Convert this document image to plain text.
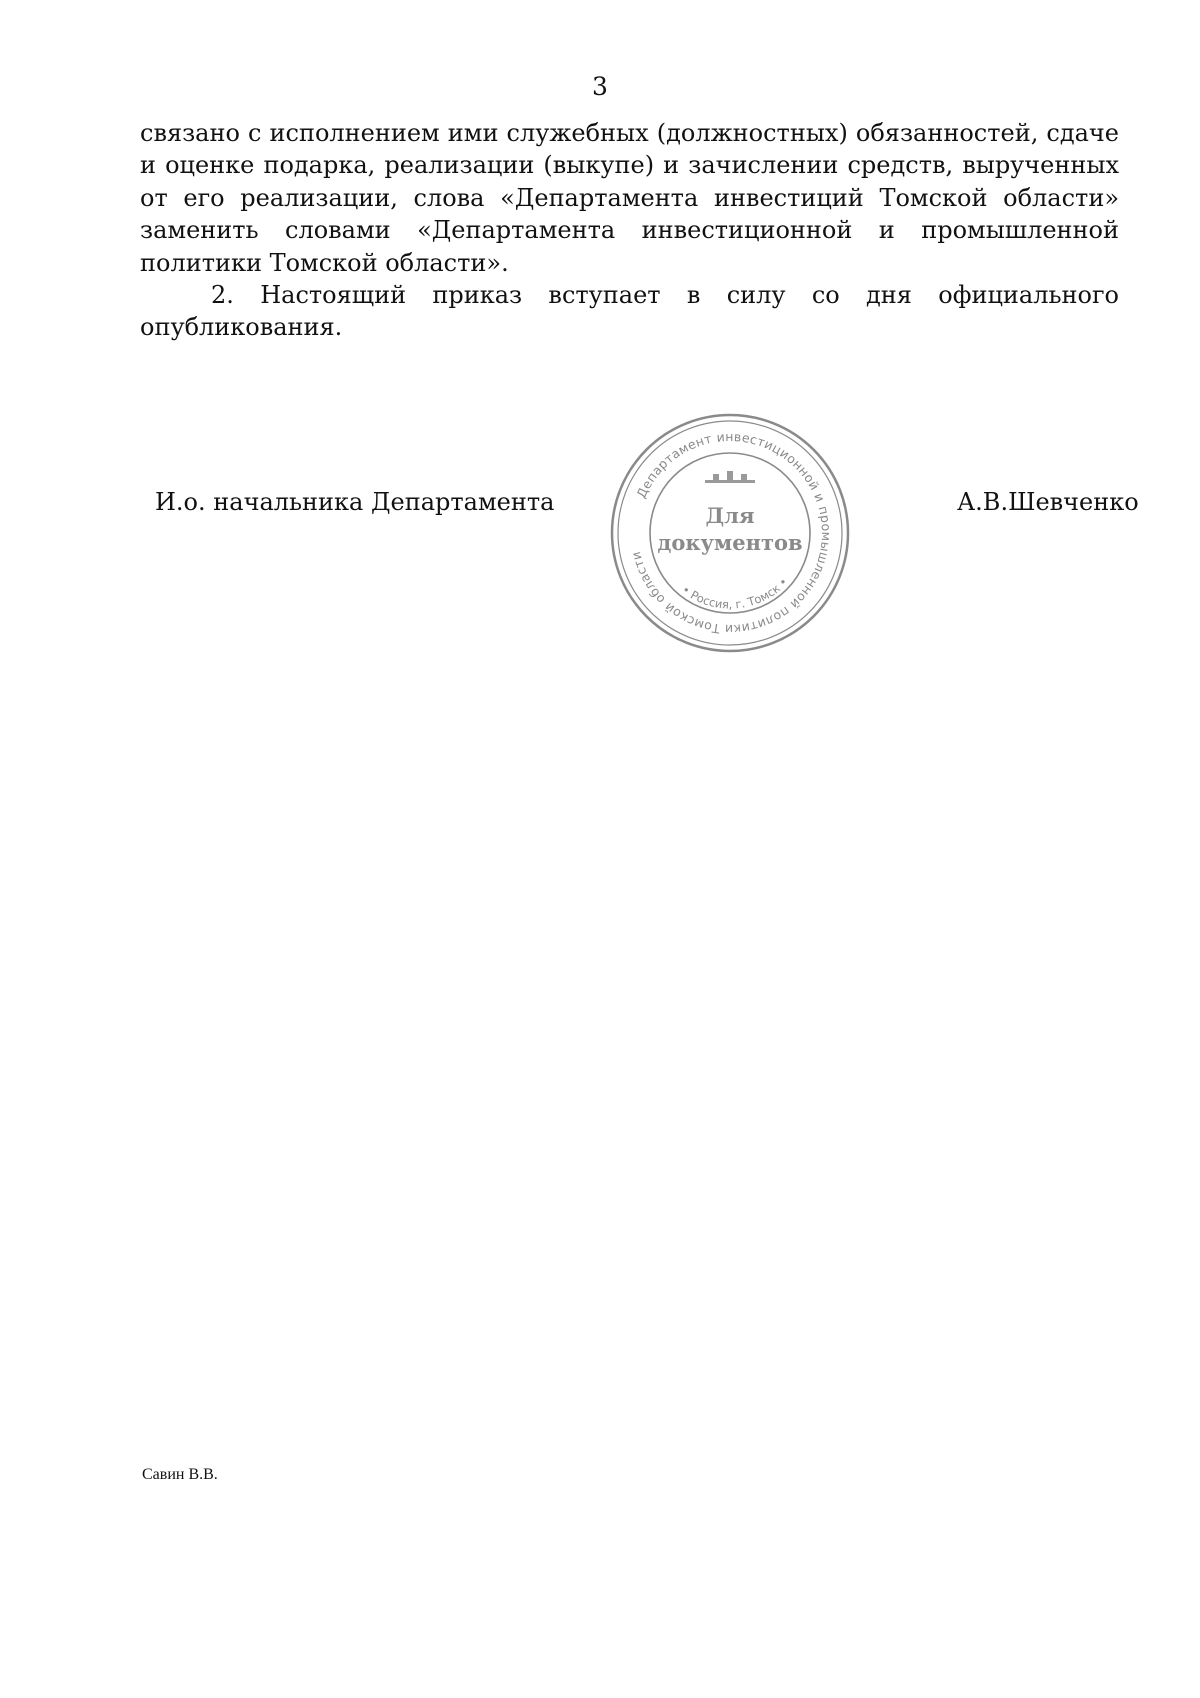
3

связано с исполнением ими служебных (должностных) обязанностей, сдаче и оценке подарка, реализации (выкупе) и зачислении средств, вырученных от его реализации, слова «Департамента инвестиций Томской области» заменить словами «Департамента инвестиционной и промышленной политики Томской области».

2. Настоящий приказ вступает в силу со дня официального опубликования.

И.о. начальника Департамента	Департамент инвестиционной и промышленной политики Томской области
• Россия, г. Томск •
Для
документов

А.В.Шевченко

Савин В.В.
